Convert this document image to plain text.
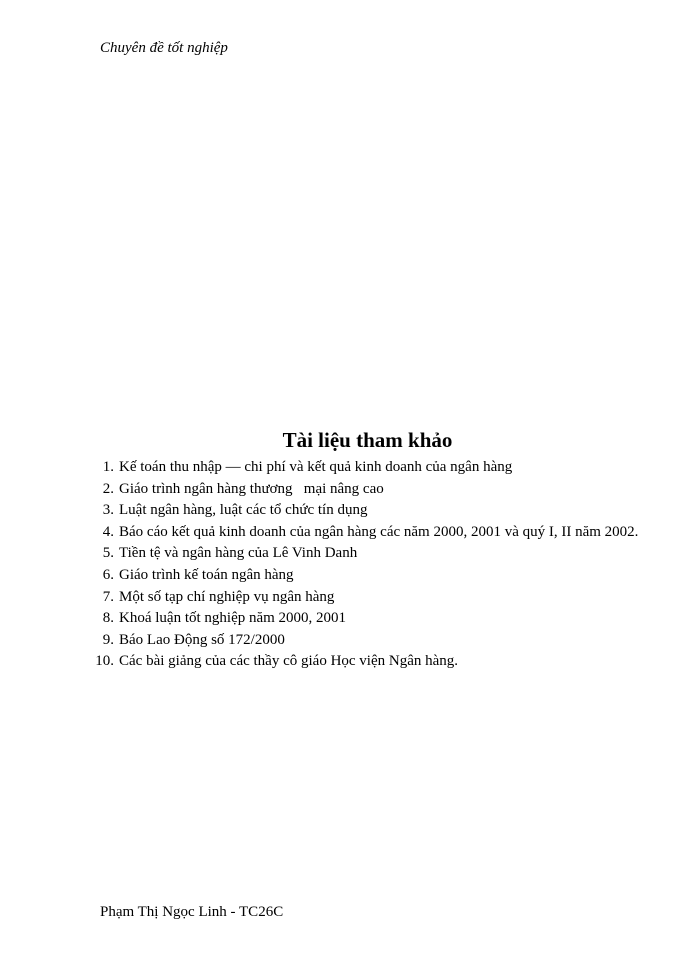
Chuyên đề tốt nghiệp
Tài liệu tham khảo
1. Kế toán thu nhập — chi phí và kết quả kinh doanh của ngân hàng
2. Giáo trình ngân hàng thương   mại nâng cao
3. Luật ngân hàng, luật các tổ chức tín dụng
4. Báo cáo kết quả kinh doanh của ngân hàng các năm 2000, 2001 và quý I, II năm 2002.
5. Tiền tệ và ngân hàng của Lê Vinh Danh
6. Giáo trình kế toán ngân hàng
7. Một số tạp chí nghiệp vụ ngân hàng
8. Khoá luận tốt nghiệp năm 2000, 2001
9. Báo Lao Động số 172/2000
10. Các bài giảng của các thầy cô giáo Học viện Ngân hàng.
Phạm Thị Ngọc Linh - TC26C
